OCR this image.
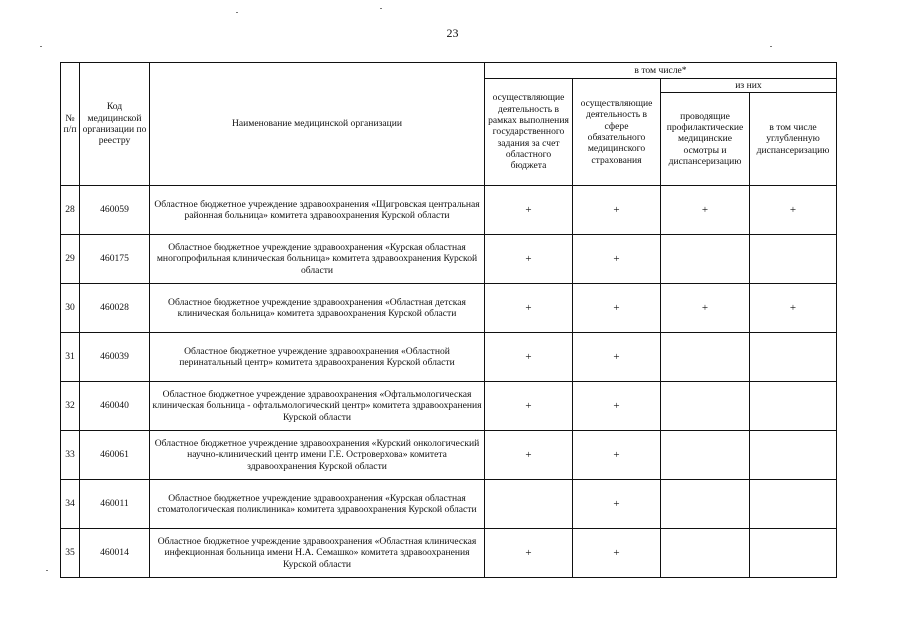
23
№ п/п	Код медицинской организации по реестру	Наименование медицинской организации	в том числе*			
			осуществляющие деятельность в рамках выполнения государственного задания за счет областного бюджета	осуществляющие деятельность в сфере обязательного медицинского страхования	из них	
					проводящие профилактические медицинские осмотры и диспансеризацию	в том числе углубленную диспансеризацию
28	460059	Областное бюджетное учреждение здравоохранения «Щигровская центральная районная больница» комитета здравоохранения Курской области	+	+	+	+
29	460175	Областное бюджетное учреждение здравоохранения «Курская областная многопрофильная клиническая больница» комитета здравоохранения Курской области	+	+		
30	460028	Областное бюджетное учреждение здравоохранения «Областная детская клиническая больница» комитета здравоохранения Курской области	+	+	+	+
31	460039	Областное бюджетное учреждение здравоохранения «Областной перинатальный центр» комитета здравоохранения Курской области	+	+		
32	460040	Областное бюджетное учреждение здравоохранения «Офтальмологическая клиническая больница - офтальмологический центр» комитета здравоохранения Курской области	+	+		
33	460061	Областное бюджетное учреждение здравоохранения «Курский онкологический научно-клинический центр имени Г.Е. Островерхова» комитета здравоохранения Курской области	+	+		
34	460011	Областное бюджетное учреждение здравоохранения «Курская областная стоматологическая поликлиника» комитета здравоохранения Курской области		+		
35	460014	Областное бюджетное учреждение здравоохранения «Областная клиническая инфекционная больница имени Н.А. Семашко» комитета здравоохранения Курской области	+	+		
